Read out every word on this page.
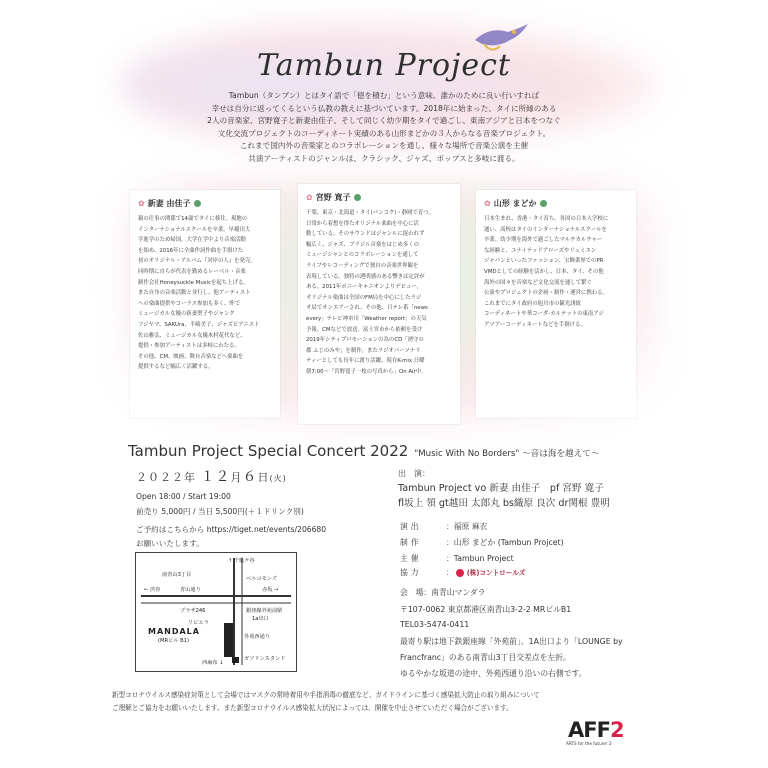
Tambun Project
Tambun（タンブン）とはタイ語で「徳を積む」という意味。誰かのために良い行いすれば
幸せは自分に返ってくるという仏教の教えに基づいています。2018年に始まった、タイに所縁のある
2人の音楽家、宮野寛子と新妻由佳子、そして同じく幼少期をタイで過ごし、東南アジアと日本をつなぐ
文化交流プロジェクトのコーディネート実績のある山形まどかの３人からなる音楽プロジェクト。
これまで国内外の音楽家とのコラボレーションを通し、様々な場所で音楽公演を主催
共演アーティストのジャンルは、クラシック、ジャズ、ポップスと多岐に渡る。
✿ 新妻 由佳子
親の仕事の関係で14歳でタイに移住。現地の
インターナショナルスクールを卒業。早稲田大
学進学のため帰国。大学在学中より音楽活動
を始め、2016年に全曲作詞作曲を手掛けた
初のオリジナル・アルバム『対岸の人』を発売。
同時期に自らが代表を勤めるレーベル・音楽
制作会社Honeysuckle Musicを起ち上げる。
また自身の音楽活動と並行し、他アーティスト
への楽曲提供やコーラス参加も多く、昨で
ミュージカル女優の新妻聖子やジャンク
フジヤマ、SAKUra、半崎美子、ジャズピアニスト
佐山雅弘、ミュージカル女優木村花代など、
提供・参加アーティストは多岐にわたる。
その他、CM、映画、舞台音楽などへ楽曲を
提供するなど幅広く活躍する。
✿ 宮野 寛子
千葉、東京・北海道・タイ(バンコク)・静岡で育つ。
日常から着想を得たオリジナル楽曲を中心に活
動している。そのサウンドはジャンルに捉われず
幅広く、ジャズ、ブラジル音楽をはじめ多くの
ミュージシャンとのコラボレーションを通して
ライブやレコーディングで独自の音楽世界観を
表現している。独特の透明感のある響きは定評が
ある。2011年ポニーキャニオンよりデビュー。
オリジナル楽曲は全国のFM局を中心にしたラジ
オ局でオンエアーされ、その他、日テレ系「news
every」テレビ神奈川「Weather report」の天気
予報、CMなどで放送。富士宮市から依頼を受け
2019年シティプロモーションの為のCD「湧守の
都 ふじのみや」を制作。またラジオパーソナリ
ティーとしても長年に渡り活躍。現在K-mix 日曜
朝7:00〜「宮野寛子一枚の写真から」On Air中。
✿ 山形 まどか
日本生まれ、香港・タイ育ち。各国の日本人学校に
通い、高校はタイのインターナショナルスクールを
卒業。幼少期を海外で過ごしたマルチカルチャー
な経験と、ユナイテッドアローズやリュミエン
ジャパンといったファッション、宝飾業界でのPR
VMDとしての経験を活かし、日本、タイ、その他
海外の国々を音楽など文化交流を通して繋ぐ
公演やプロジェクトの企画・制作・運営に携わる。
これまでにタイ政府の旭川市の観光誘致
コーディネートや華コーダ-カルテットの東南アジ
アツアーコーディネートなどを手掛ける。
Tambun Project Special Concert 2022 "Music With No Borders" 〜音は海を越えて〜
２０２２年 １２月６日(火)
Open 18:00 / Start 19:00
前売り 5,000円 / 当日 5,500円(＋１ドリンク別)
ご予約はこちらから https://tiget.net/events/206680
お願いいたします。
出　演：
Tambun Project vo 新妻 由佳子　pf 宮野 寛子
fl坂上 領 gt越田 太郎丸 bs織原 良次 dr関根 豊明
演出	：福原 麻衣
制作	：山形 まどか (Tambun Projcet)
主催	：Tambun Project
協力	： (株)コントロールズ
会　場：南青山マンダラ
〒107-0062 東京都港区南青山3-2-2 MRビルB1
TEL03-5474-0411
最寄り駅は地下鉄銀座線「外苑前」。1A出口より「LOUNGE by
Francfranc」のある南青山3丁目交差点を左折。
ゆるやかな坂道の途中、外苑西通り沿いの右側です。
↑ 千駄ケ谷
南青山3丁目
ベルコモンズ
← 渋谷	青山通り	赤坂 →
プラザ246	銀座線外苑前駅
1a出口
リビエラ
MANDALA
(MRビル B1)
外苑西通り
西麻布 ↓
ガソリンスタンド
新型コロナウイルス感染症対策として会場ではマスクの常時着用や手指消毒の徹底など、ガイドラインに基づく感染拡大防止の取り組みについて
ご理解とご協力をお願いいたします。また新型コロナウイルス感染拡大状況によっては、開催を中止させていただく場合がございます。
AFF2
ARTS for the future! 2
